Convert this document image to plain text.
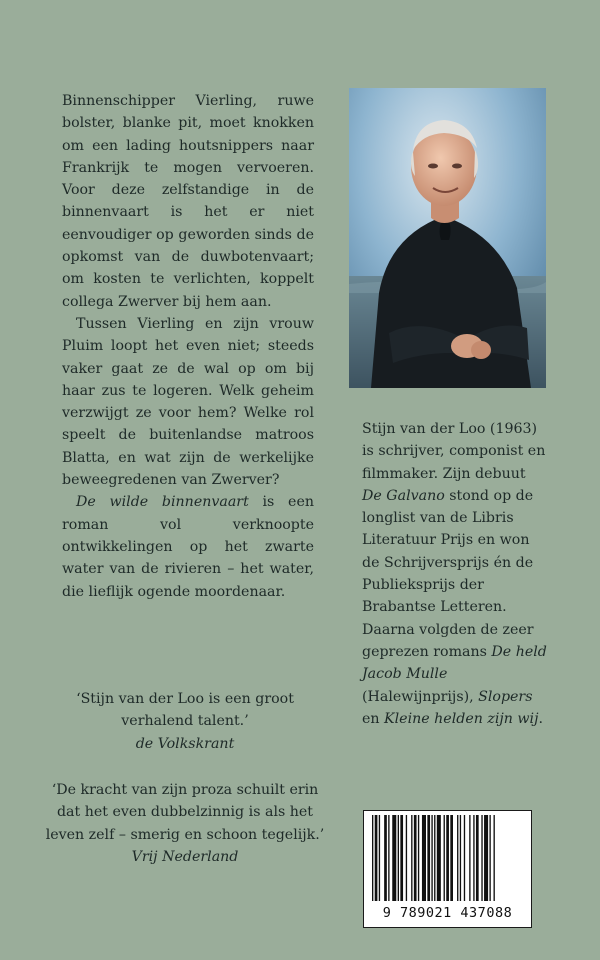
Binnenschipper Vierling, ruwe bolster, blanke pit, moet knokken om een lading houtsnippers naar Frankrijk te mogen vervoeren. Voor deze zelfstandige in de binnenvaart is het er niet eenvoudiger op geworden sinds de opkomst van de duwbotenvaart; om kosten te verlichten, koppelt collega Zwerver bij hem aan.

Tussen Vierling en zijn vrouw Pluim loopt het even niet; steeds vaker gaat ze de wal op om bij haar zus te logeren. Welk geheim verzwijgt ze voor hem? Welke rol speelt de buitenlandse matroos Blatta, en wat zijn de werkelijke beweegredenen van Zwerver?

De wilde binnenvaart is een roman vol verknoopte ontwikkelingen op het zwarte water van de rivieren – het water, die lieflijk ogende moordenaar.

‘Stijn van der Loo is een groot verhalend talent.’
de Volkskrant
‘De kracht van zijn proza schuilt erin dat het even dubbelzinnig is als het leven zelf – smerig en schoon tegelijk.’
Vrij Nederland
Stijn van der Loo (1963) is schrijver, componist en filmmaker. Zijn debuut De Galvano stond op de longlist van de Libris Literatuur Prijs en won de Schrijversprijs én de Publieksprijs der Brabantse Letteren. Daarna volgden de zeer geprezen romans De held Jacob Mulle (Halewijnprijs), Slopers en Kleine helden zijn wij.
9 789021 437088
